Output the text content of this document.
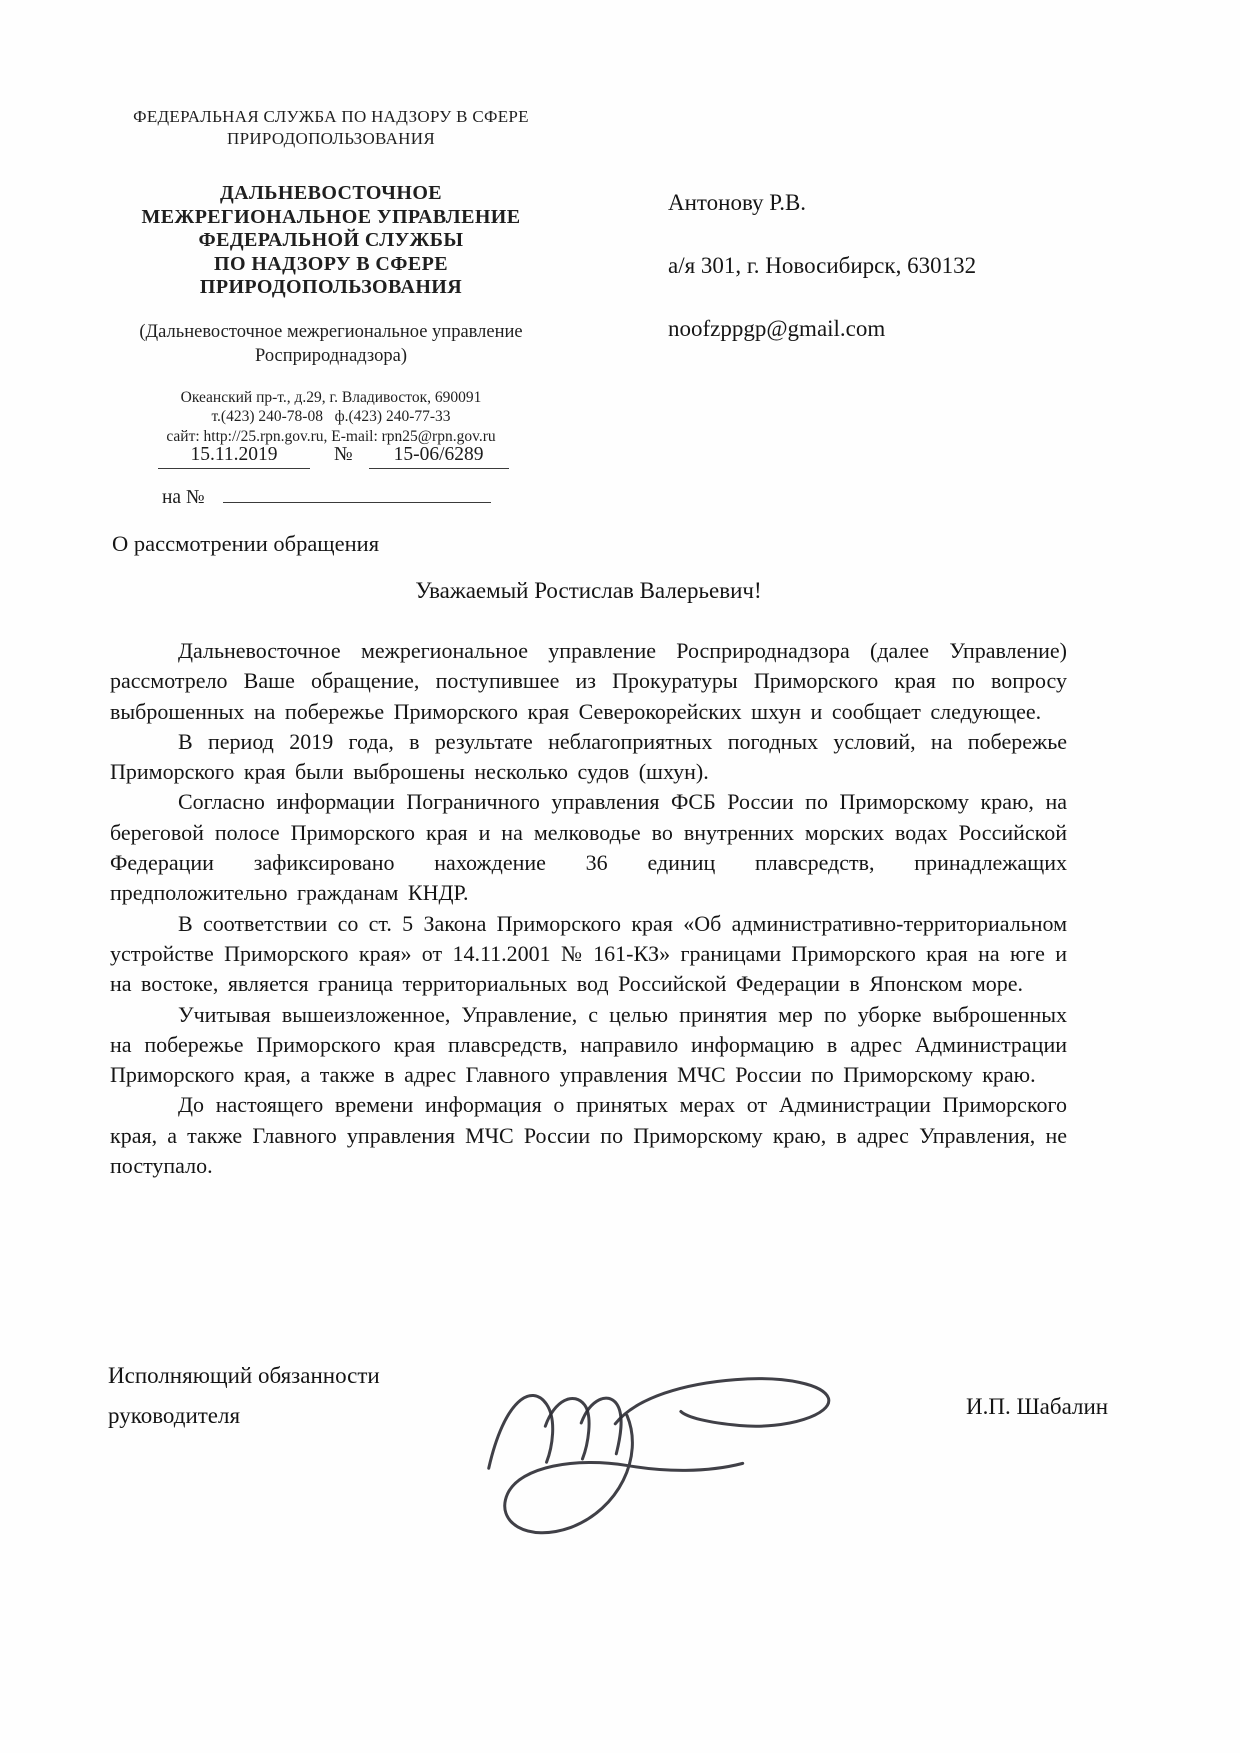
ФЕДЕРАЛЬНАЯ СЛУЖБА ПО НАДЗОРУ В СФЕРЕ
ПРИРОДОПОЛЬЗОВАНИЯ
ДАЛЬНЕВОСТОЧНОЕ
МЕЖРЕГИОНАЛЬНОЕ УПРАВЛЕНИЕ
ФЕДЕРАЛЬНОЙ СЛУЖБЫ
ПО НАДЗОРУ В СФЕРЕ
ПРИРОДОПОЛЬЗОВАНИЯ
(Дальневосточное межрегиональное управление
Росприроднадзора)
Океанский пр-т., д.29, г. Владивосток, 690091
т.(423) 240-78-08   ф.(423) 240-77-33
сайт: http://25.rpn.gov.ru, E-mail: rpn25@rpn.gov.ru
15.11.2019	№	15-06/6289
на №
Антонову Р.В.
а/я 301, г. Новосибирск, 630132
noofzppgp@gmail.com
О рассмотрении обращения
Уважаемый Ростислав Валерьевич!

Дальневосточное межрегиональное управление Росприроднадзора (далее Управление) рассмотрело Ваше обращение, поступившее из Прокуратуры Приморского края по вопросу выброшенных на побережье Приморского края Северокорейских шхун и сообщает следующее.

В период 2019 года, в результате неблагоприятных погодных условий, на побережье Приморского края были выброшены несколько судов (шхун).

Согласно информации Пограничного управления ФСБ России по Приморскому краю, на береговой полосе Приморского края и на мелководье во внутренних морских водах Российской Федерации зафиксировано нахождение 36 единиц плавсредств, принадлежащих предположительно гражданам КНДР.

В соответствии со ст. 5 Закона Приморского края «Об административно-территориальном устройстве Приморского края» от 14.11.2001 № 161-КЗ» границами Приморского края на юге и на востоке, является граница территориальных вод Российской Федерации в Японском море.

Учитывая вышеизложенное, Управление, с целью принятия мер по уборке выброшенных на побережье Приморского края плавсредств, направило информацию в адрес Администрации Приморского края, а также в адрес Главного управления МЧС России по Приморскому краю.

До настоящего времени информация о принятых мерах от Администрации Приморского края, а также Главного управления МЧС России по Приморскому краю, в адрес Управления, не поступало.

Исполняющий обязанности
руководителя	И.П. Шабалин
